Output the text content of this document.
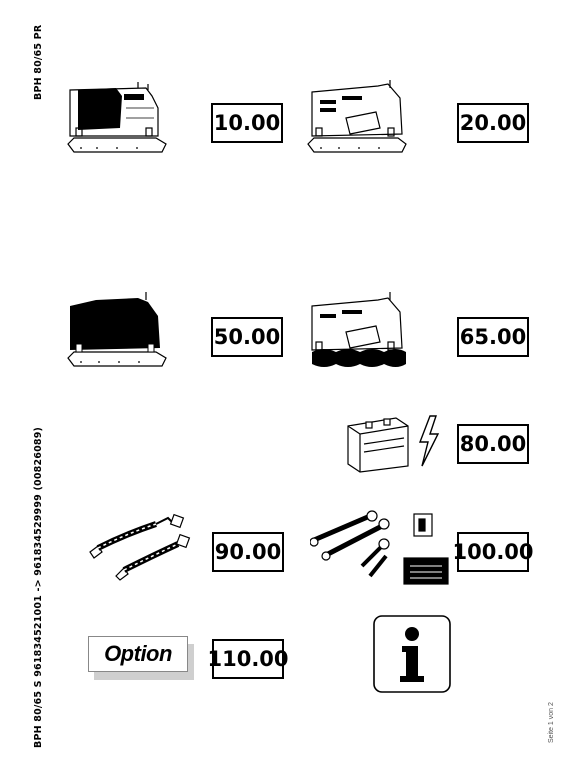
BPH 80/65 PR
BPH 80/65 S 961834521001 -> 961834529999 (00826089)	Seite 1 von 2
10.00	20.00
50.00	65.00
80.00
90.00	100.00
Option	110.00
